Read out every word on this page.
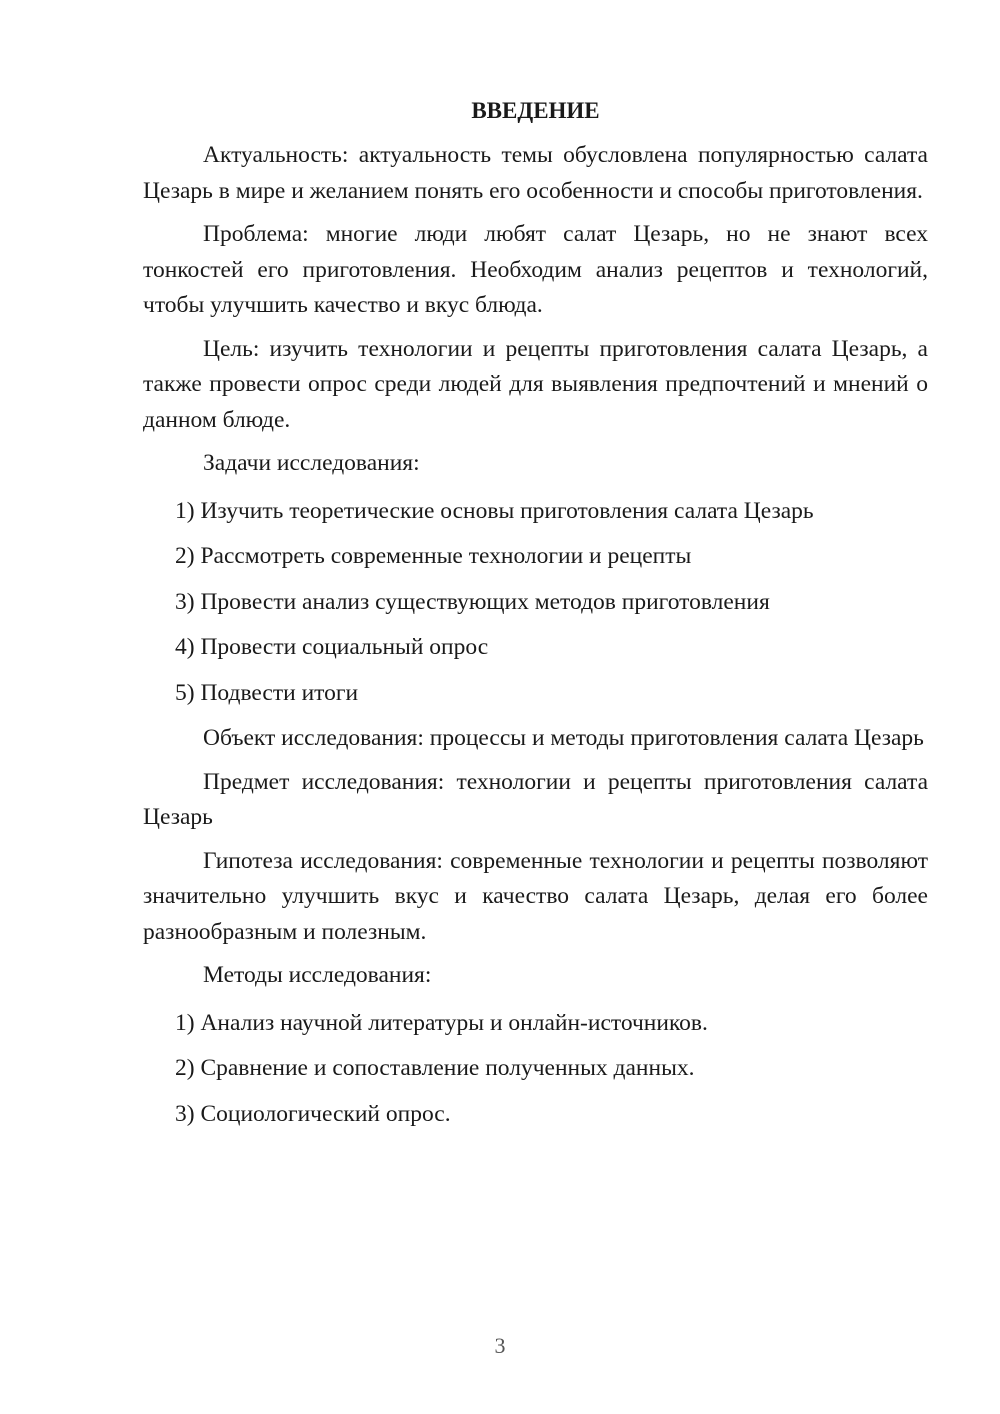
ВВЕДЕНИЕ

Актуальность: актуальность темы обусловлена популярностью салата Цезарь в мире и желанием понять его особенности и способы приготовления.

Проблема: многие люди любят салат Цезарь, но не знают всех тонкостей его приготовления. Необходим анализ рецептов и технологий, чтобы улучшить качество и вкус блюда.

Цель: изучить технологии и рецепты приготовления салата Цезарь, а также провести опрос среди людей для выявления предпочтений и мнений о данном блюде.

Задачи исследования:

1) Изучить теоретические основы приготовления салата Цезарь
2) Рассмотреть современные технологии и рецепты
3) Провести анализ существующих методов приготовления
4) Провести социальный опрос
5) Подвести итоги

Объект исследования: процессы и методы приготовления салата Цезарь

Предмет исследования: технологии и рецепты приготовления салата Цезарь

Гипотеза исследования: современные технологии и рецепты позволяют значительно улучшить вкус и качество салата Цезарь, делая его более разнообразным и полезным.

Методы исследования:

1) Анализ научной литературы и онлайн-источников.
2) Сравнение и сопоставление полученных данных.
3) Социологический опрос.
3
